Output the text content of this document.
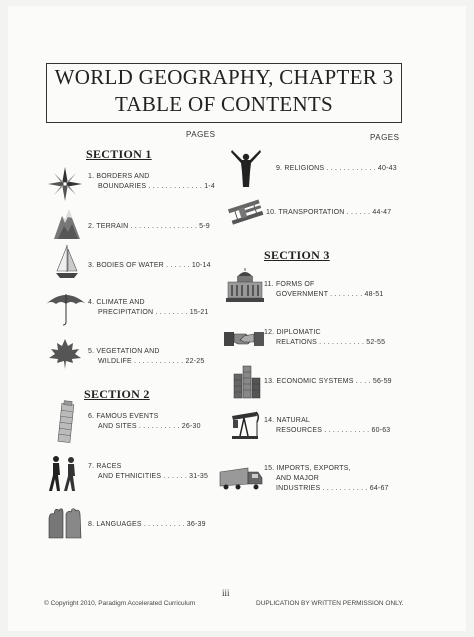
WORLD GEOGRAPHY, CHAPTER 3
TABLE OF CONTENTS
PAGES	PAGES
SECTION 1
SECTION 2
SECTION 3
1. BORDERS AND
BOUNDARIES . . . . . . . . . . . . . 1-4
2. TERRAIN . . . . . . . . . . . . . . . . 5-9
3. BODIES OF WATER . . . . . . 10-14
4. CLIMATE AND
PRECIPITATION . . . . . . . . 15-21
5. VEGETATION AND
WILDLIFE . . . . . . . . . . . . 22-25
6. FAMOUS EVENTS
AND SITES . . . . . . . . . . 26-30
7. RACES
AND ETHNICITIES . . . . . . 31-35
8. LANGUAGES . . . . . . . . . . 36-39
9. RELIGIONS . . . . . . . . . . . . 40-43
10. TRANSPORTATION . . . . . . 44-47
11. FORMS OF
GOVERNMENT . . . . . . . . 48-51
12. DIPLOMATIC
RELATIONS . . . . . . . . . . . 52-55
13. ECONOMIC SYSTEMS . . . . 56-59
14. NATURAL
RESOURCES . . . . . . . . . . . 60-63
15. IMPORTS, EXPORTS,
AND MAJOR
INDUSTRIES . . . . . . . . . . . 64-67
iii
© Copyright 2010, Paradigm Accelerated Curriculum	DUPLICATION BY WRITTEN PERMISSION ONLY.
